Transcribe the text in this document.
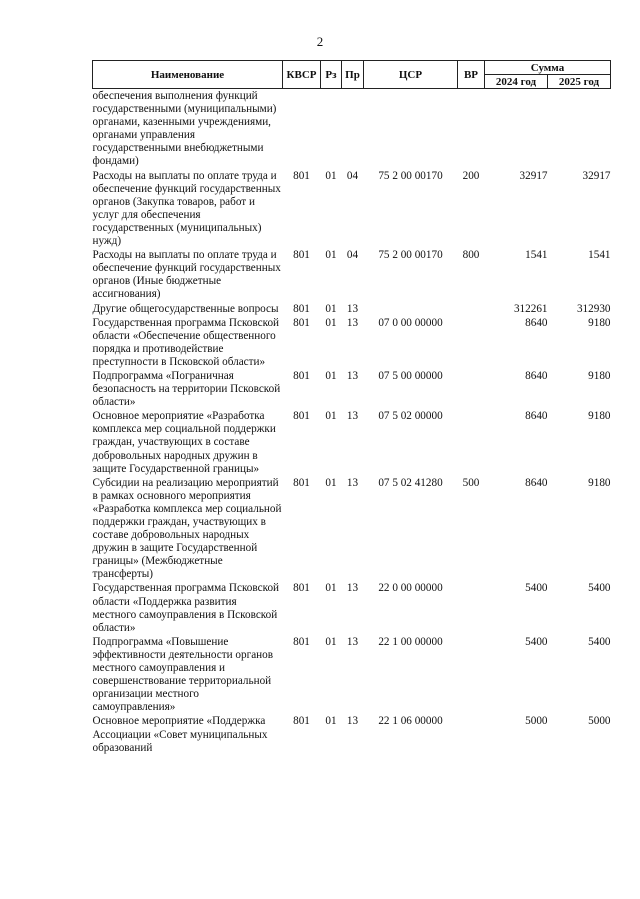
2
Наименование	КВСР	Рз	Пр	ЦСР	ВР	Сумма	
						2024 год	2025 год
обеспечения выполнения функций государственными (муниципальными) органами, казенными учреждениями, органами управления государственными внебюджетными фондами)							
Расходы на выплаты по оплате труда и обеспечение функций государственных органов (Закупка товаров, работ и услуг для обеспечения государственных (муниципальных) нужд)	801	01	04	75 2 00 00170	200	32917	32917
Расходы на выплаты по оплате труда и обеспечение функций государственных органов (Иные бюджетные ассигнования)	801	01	04	75 2 00 00170	800	1541	1541
Другие общегосударственные вопросы	801	01	13			312261	312930
Государственная программа Псковской области «Обеспечение общественного порядка и противодействие преступности в Псковской области»	801	01	13	07 0 00 00000		8640	9180
Подпрограмма «Пограничная безопасность на территории Псковской области»	801	01	13	07 5 00 00000		8640	9180
Основное мероприятие «Разработка комплекса мер социальной поддержки граждан, участвующих в составе добровольных народных дружин в защите Государственной границы»	801	01	13	07 5 02 00000		8640	9180
Субсидии на реализацию мероприятий в рамках основного мероприятия «Разработка комплекса мер социальной поддержки граждан, участвующих в составе добровольных народных дружин в защите Государственной границы» (Межбюджетные трансферты)	801	01	13	07 5 02 41280	500	8640	9180
Государственная программа Псковской области «Поддержка развития местного самоуправления в Псковской области»	801	01	13	22 0 00 00000		5400	5400
Подпрограмма «Повышение эффективности деятельности органов местного самоуправления и совершенствование территориальной организации местного самоуправления»	801	01	13	22 1 00 00000		5400	5400
Основное мероприятие «Поддержка Ассоциации «Совет муниципальных образований	801	01	13	22 1 06 00000		5000	5000
